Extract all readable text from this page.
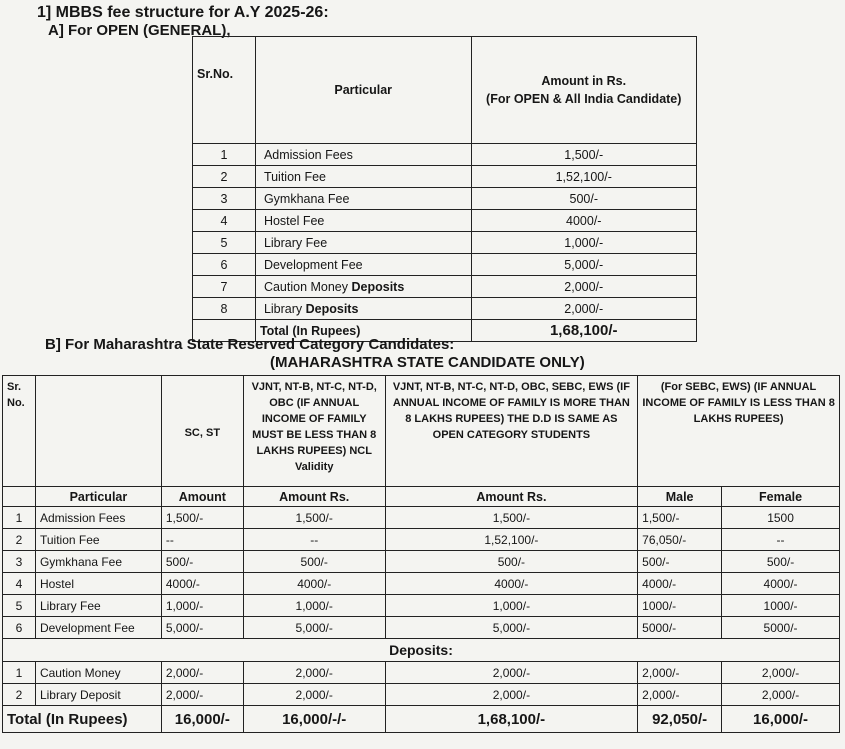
1] MBBS fee structure for A.Y 2025-26:
A] For OPEN (GENERAL),
Sr.No.	Particular	Amount in Rs.
(For OPEN & All India Candidate)

1	Admission Fees	1,500/-
2	Tuition Fee	1,52,100/-
3	Gymkhana Fee	500/-
4	Hostel Fee	4000/-
5	Library Fee	1,000/-
6	Development Fee	5,000/-
7	Caution Money Deposits	2,000/-
8	Library Deposits	2,000/-
	Total (In Rupees)	1,68,100/-
B] For Maharashtra State Reserved Category Candidates:
(MAHARASHTRA STATE CANDIDATE ONLY)
Sr. No.		SC, ST	VJNT, NT-B, NT-C, NT-D, OBC (IF ANNUAL INCOME OF FAMILY MUST BE LESS THAN 8 LAKHS RUPEES) NCL Validity	VJNT, NT-B, NT-C, NT-D, OBC, SEBC, EWS (IF ANNUAL INCOME OF FAMILY IS MORE THAN 8 LAKHS RUPEES) THE D.D IS SAME AS OPEN CATEGORY STUDENTS	(For SEBC, EWS) (IF ANNUAL INCOME OF FAMILY IS LESS THAN 8 LAKHS RUPEES)	
	Particular	Amount	Amount Rs.	Amount Rs.	Male	Female
1	Admission Fees	1,500/-	1,500/-	1,500/-	1,500/-	1500
2	Tuition Fee	--	--	1,52,100/-	76,050/-	--
3	Gymkhana Fee	500/-	500/-	500/-	500/-	500/-
4	Hostel	4000/-	4000/-	4000/-	4000/-	4000/-
5	Library Fee	1,000/-	1,000/-	1,000/-	1000/-	1000/-
6	Development Fee	5,000/-	5,000/-	5,000/-	5000/-	5000/-
Deposits:						
1	Caution Money	2,000/-	2,000/-	2,000/-	2,000/-	2,000/-
2	Library Deposit	2,000/-	2,000/-	2,000/-	2,000/-	2,000/-
Total (In Rupees)		16,000/-	16,000/-/-	1,68,100/-	92,050/-	16,000/-
